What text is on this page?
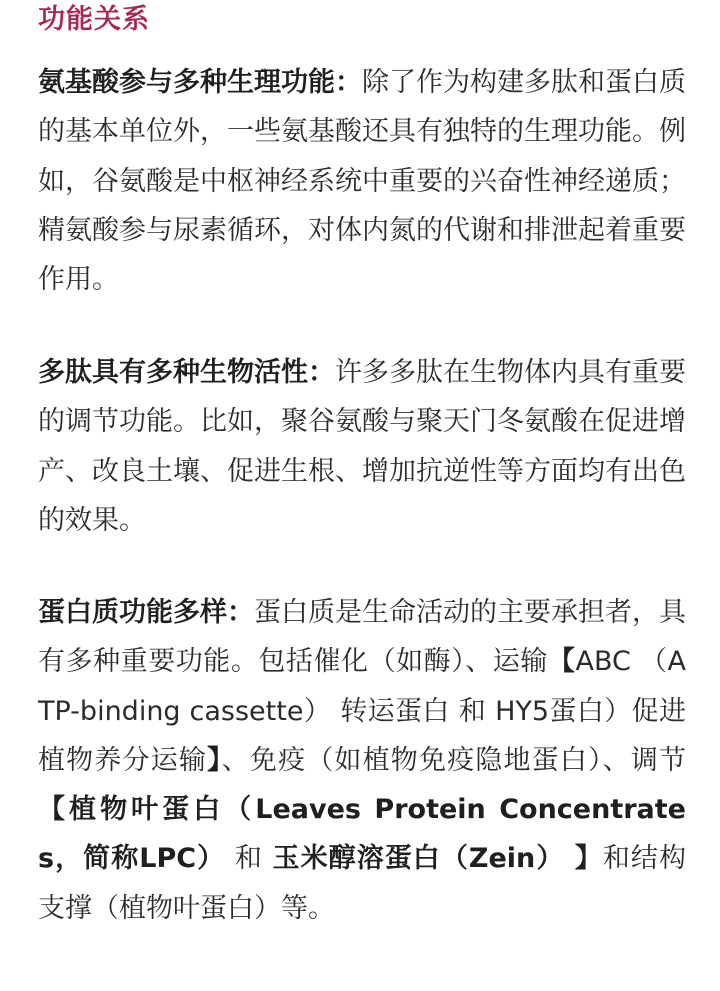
功能关系

氨基酸参与多种生理功能：除了作为构建多肽和蛋白质的基本单位外，一些氨基酸还具有独特的生理功能。例如，谷氨酸是中枢神经系统中重要的兴奋性神经递质；精氨酸参与尿素循环，对体内氮的代谢和排泄起着重要作用。

多肽具有多种生物活性：许多多肽在生物体内具有重要的调节功能。比如，聚谷氨酸与聚天门冬氨酸在促进增产、改良土壤、促进生根、增加抗逆性等方面均有出色的效果。

蛋白质功能多样：蛋白质是生命活动的主要承担者，具有多种重要功能。包括催化（如酶）、运输【ABC （ATP-binding cassette） 转运蛋白 和 HY5蛋白）促进植物养分运输】、免疫（如植物免疫隐地蛋白）、调节 【植物叶蛋白（Leaves Protein Concentrates，简称LPC） 和 玉米醇溶蛋白（Zein） 】和结构支撑（植物叶蛋白）等。
